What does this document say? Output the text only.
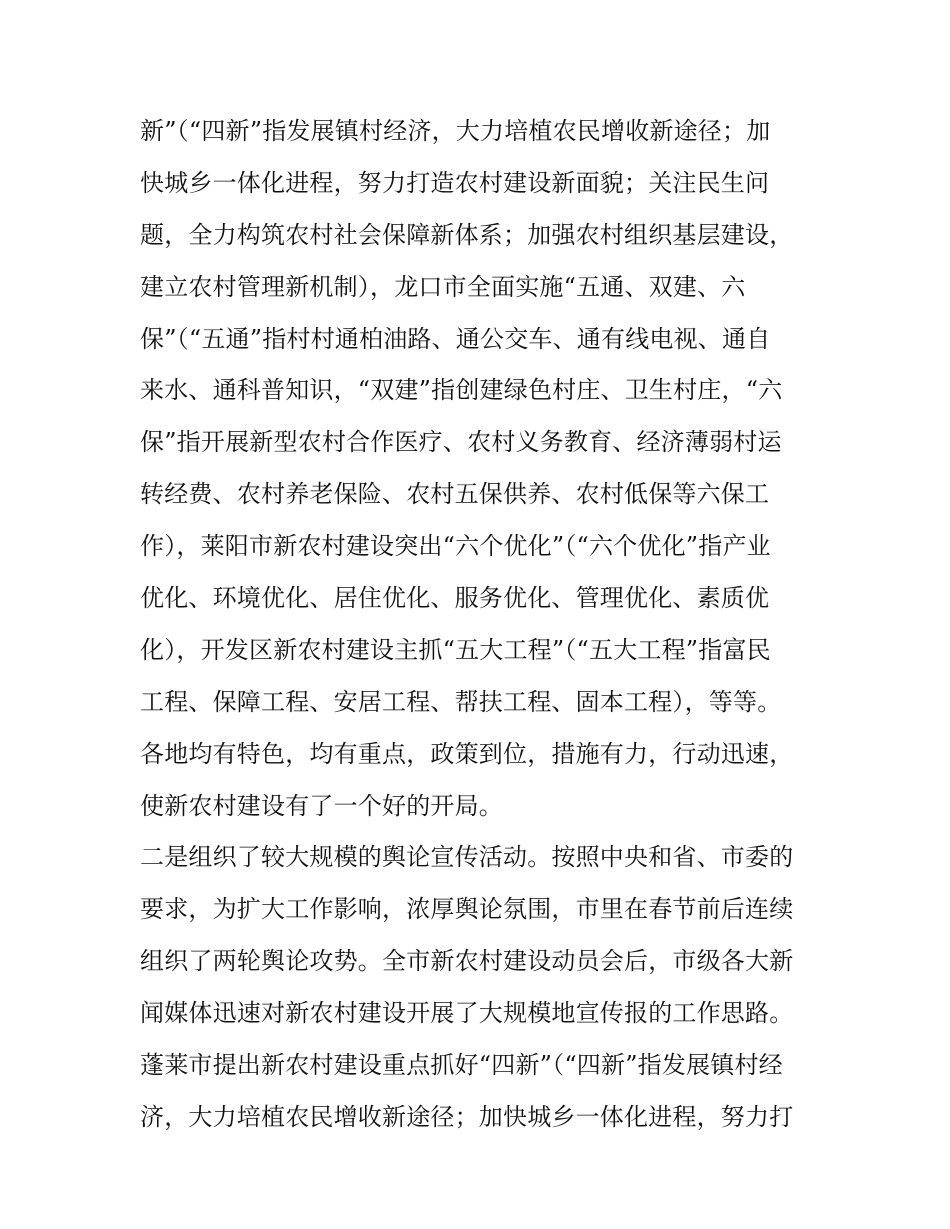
新”（“四新”指发展镇村经济，大力培植农民增收新途径；加
快城乡一体化进程，努力打造农村建设新面貌；关注民生问
题，全力构筑农村社会保障新体系；加强农村组织基层建设，
建立农村管理新机制），龙口市全面实施“五通、双建、六
保”（“五通”指村村通柏油路、通公交车、通有线电视、通自
来水、通科普知识，“双建”指创建绿色村庄、卫生村庄，“六
保”指开展新型农村合作医疗、农村义务教育、经济薄弱村运
转经费、农村养老保险、农村五保供养、农村低保等六保工
作），莱阳市新农村建设突出“六个优化”（“六个优化”指产业
优化、环境优化、居住优化、服务优化、管理优化、素质优
化），开发区新农村建设主抓“五大工程”（“五大工程”指富民
工程、保障工程、安居工程、帮扶工程、固本工程），等等。
各地均有特色，均有重点，政策到位，措施有力，行动迅速，
使新农村建设有了一个好的开局。
二是组织了较大规模的舆论宣传活动。按照中央和省、市委的
要求，为扩大工作影响，浓厚舆论氛围，市里在春节前后连续
组织了两轮舆论攻势。全市新农村建设动员会后，市级各大新
闻媒体迅速对新农村建设开展了大规模地宣传报的工作思路。
蓬莱市提出新农村建设重点抓好“四新”（“四新”指发展镇村经
济，大力培植农民增收新途径；加快城乡一体化进程，努力打
